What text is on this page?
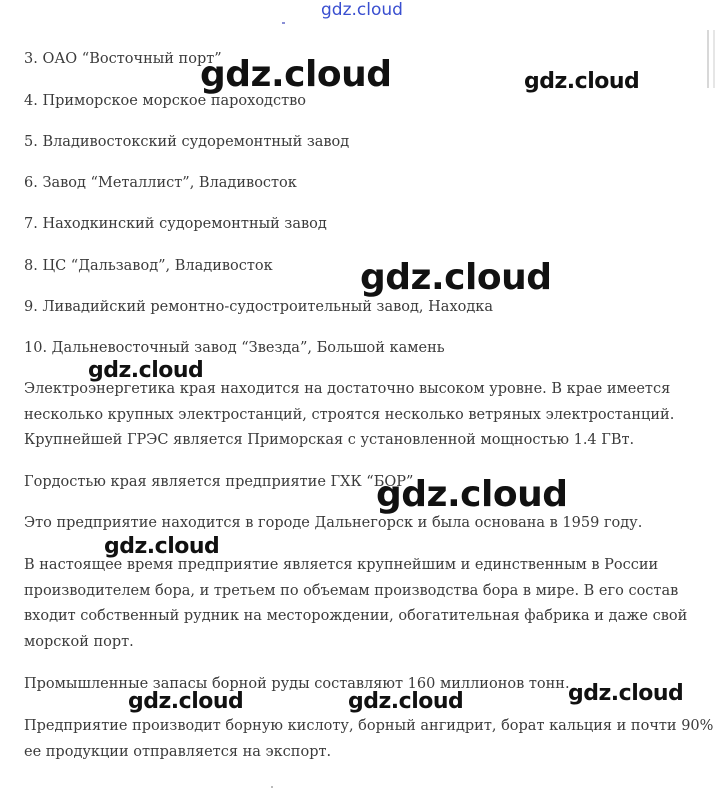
3. ОАО “Восточный порт”
4. Приморское морское пароходство
5. Владивостокский судоремонтный завод
6. Завод “Металлист”, Владивосток
7. Находкинский судоремонтный завод
8. ЦС “Дальзавод”, Владивосток
9. Ливадийский ремонтно-судостроительный завод, Находка
10. Дальневосточный завод “Звезда”, Большой камень
Электроэнергетика края находится на достаточно высоком уровне. В крае имеется
несколько крупных электростанций, строятся несколько ветряных электростанций.
Крупнейшей ГРЭС является Приморская с установленной мощностью 1.4 ГВт.
Гордостью края является предприятие ГХК “БОР”
Это предприятие находится в городе Дальнегорск и была основана в 1959 году.
В настоящее время предприятие является крупнейшим и единственным в России
производителем бора, и третьем по объемам производства бора в мире. В его состав
входит собственный рудник на месторождении, обогатительная фабрика и даже свой
морской порт.
Промышленные запасы борной руды составляют 160 миллионов тонн.
Предприятие производит борную кислоту, борный ангидрит, борат кальция и почти 90%
ее продукции отправляется на экспорт.
gdz.cloud
gdz.cloud	gdz.cloud
gdz.cloud
gdz.cloud
gdz.cloud
gdz.cloud
gdz.cloud
gdz.cloud	gdz.cloud
